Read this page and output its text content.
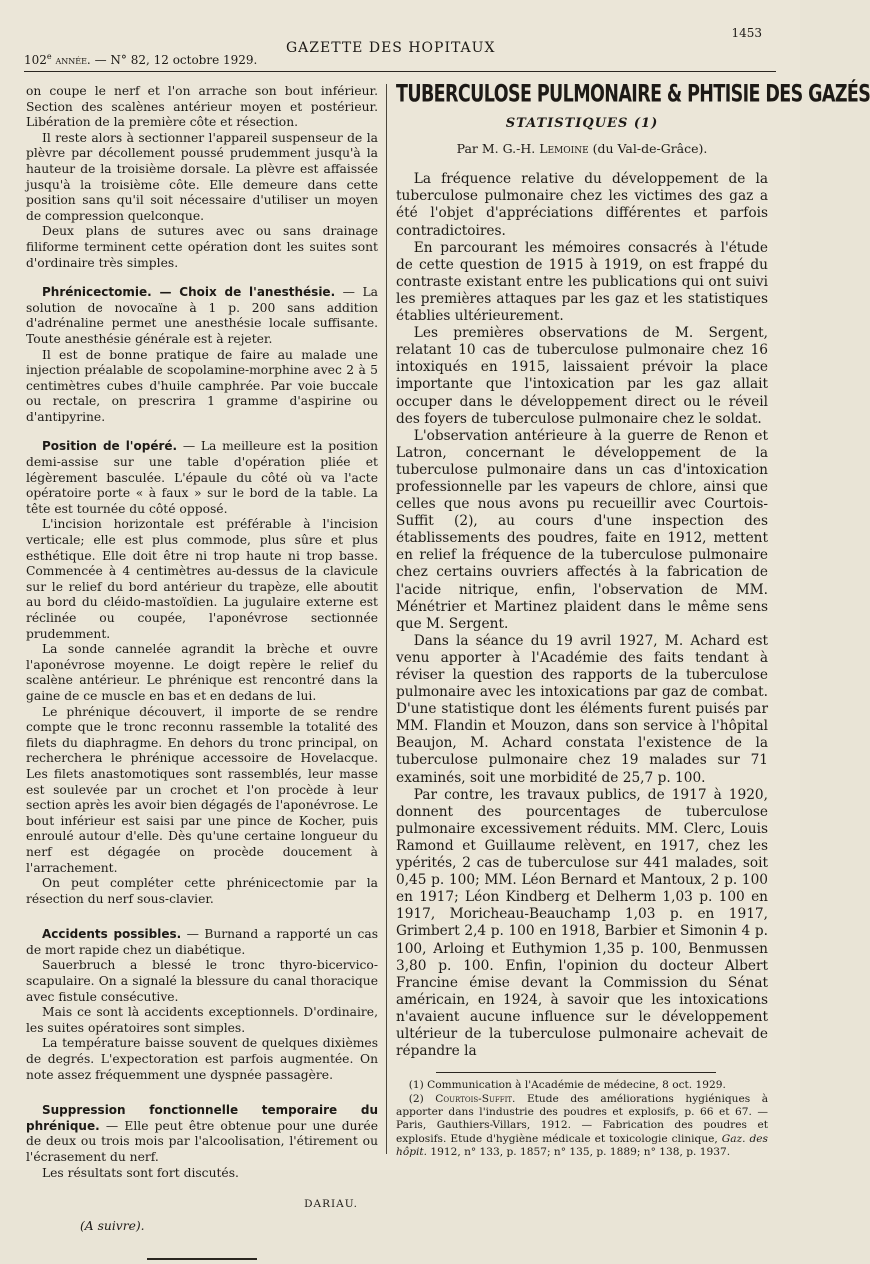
102e année. — N° 82, 12 octobre 1929.
GAZETTE DES HOPITAUX
1453

on coupe le nerf et l'on arrache son bout inférieur. Section des scalènes antérieur moyen et postérieur. Libération de la première côte et résection.

Il reste alors à sectionner l'appareil suspenseur de la plèvre par décollement poussé prudemment jusqu'à la hauteur de la troisième dorsale. La plèvre est affaissée jusqu'à la troisième côte. Elle demeure dans cette position sans qu'il soit nécessaire d'utiliser un moyen de compression quelconque.

Deux plans de sutures avec ou sans drainage filiforme terminent cette opération dont les suites sont d'ordinaire très simples.

Phrénicectomie. — Choix de l'anesthésie. — La solution de novocaïne à 1 p. 200 sans addition d'adrénaline permet une anesthésie locale suffisante. Toute anesthésie générale est à rejeter.

Il est de bonne pratique de faire au malade une injection préalable de scopolamine-morphine avec 2 à 5 centimètres cubes d'huile camphrée. Par voie buccale ou rectale, on prescrira 1 gramme d'aspirine ou d'antipyrine.

Position de l'opéré. — La meilleure est la position demi-assise sur une table d'opération pliée et légèrement basculée. L'épaule du côté où va l'acte opératoire porte « à faux » sur le bord de la table. La tête est tournée du côté opposé.

L'incision horizontale est préférable à l'incision verticale; elle est plus commode, plus sûre et plus esthétique. Elle doit être ni trop haute ni trop basse. Commencée à 4 centimètres au-dessus de la clavicule sur le relief du bord antérieur du trapèze, elle aboutit au bord du cléido-mastoïdien. La jugulaire externe est réclinée ou coupée, l'aponévrose sectionnée prudemment.

La sonde cannelée agrandit la brèche et ouvre l'aponévrose moyenne. Le doigt repère le relief du scalène antérieur. Le phrénique est rencontré dans la gaine de ce muscle en bas et en dedans de lui.

Le phrénique découvert, il importe de se rendre compte que le tronc reconnu rassemble la totalité des filets du diaphragme. En dehors du tronc principal, on recherchera le phrénique accessoire de Hovelacque. Les filets anastomotiques sont rassemblés, leur masse est soulevée par un crochet et l'on procède à leur section après les avoir bien dégagés de l'aponévrose. Le bout inférieur est saisi par une pince de Kocher, puis enroulé autour d'elle. Dès qu'une certaine longueur du nerf est dégagée on procède doucement à l'arrachement.

On peut compléter cette phrénicectomie par la résection du nerf sous-clavier.

Accidents possibles. — Burnand a rapporté un cas de mort rapide chez un diabétique.

Sauerbruch a blessé le tronc thyro-bicervico-scapulaire. On a signalé la blessure du canal thoracique avec fistule consécutive.

Mais ce sont là accidents exceptionnels. D'ordinaire, les suites opératoires sont simples.

La température baisse souvent de quelques dixièmes de degrés. L'expectoration est parfois augmentée. On note assez fréquemment une dyspnée passagère.

Suppression fonctionnelle temporaire du phrénique. — Elle peut être obtenue pour une durée de deux ou trois mois par l'alcoolisation, l'étirement ou l'écrasement du nerf.

Les résultats sont fort discutés.

DARIAU.
(A suivre).
TUBERCULOSE PULMONAIRE & PHTISIE DES GAZÉS
STATISTIQUES (1)
Par M. G.-H. Lemoine (du Val-de-Grâce).

La fréquence relative du développement de la tuberculose pulmonaire chez les victimes des gaz a été l'objet d'appréciations différentes et parfois contradictoires.

En parcourant les mémoires consacrés à l'étude de cette question de 1915 à 1919, on est frappé du contraste existant entre les publications qui ont suivi les premières attaques par les gaz et les statistiques établies ultérieurement.

Les premières observations de M. Sergent, relatant 10 cas de tuberculose pulmonaire chez 16 intoxiqués en 1915, laissaient prévoir la place importante que l'intoxication par les gaz allait occuper dans le développement direct ou le réveil des foyers de tuberculose pulmonaire chez le soldat.

L'observation antérieure à la guerre de Renon et Latron, concernant le développement de la tuberculose pulmonaire dans un cas d'intoxication professionnelle par les vapeurs de chlore, ainsi que celles que nous avons pu recueillir avec Courtois-Suffit (2), au cours d'une inspection des établissements des poudres, faite en 1912, mettent en relief la fréquence de la tuberculose pulmonaire chez certains ouvriers affectés à la fabrication de l'acide nitrique, enfin, l'observation de MM. Ménétrier et Martinez plaident dans le même sens que M. Sergent.

Dans la séance du 19 avril 1927, M. Achard est venu apporter à l'Académie des faits tendant à réviser la question des rapports de la tuberculose pulmonaire avec les intoxications par gaz de combat. D'une statistique dont les éléments furent puisés par MM. Flandin et Mouzon, dans son service à l'hôpital Beaujon, M. Achard constata l'existence de la tuberculose pulmonaire chez 19 malades sur 71 examinés, soit une morbidité de 25,7 p. 100.

Par contre, les travaux publics, de 1917 à 1920, donnent des pourcentages de tuberculose pulmonaire excessivement réduits. MM. Clerc, Louis Ramond et Guillaume relèvent, en 1917, chez les ypérités, 2 cas de tuberculose sur 441 malades, soit 0,45 p. 100; MM. Léon Bernard et Mantoux, 2 p. 100 en 1917; Léon Kindberg et Delherm 1,03 p. 100 en 1917, Moricheau-Beauchamp 1,03 p. en 1917, Grimbert 2,4 p. 100 en 1918, Barbier et Simonin 4 p. 100, Arloing et Euthymion 1,35 p. 100, Benmussen 3,80 p. 100. Enfin, l'opinion du docteur Albert Francine émise devant la Commission du Sénat américain, en 1924, à savoir que les intoxications n'avaient aucune influence sur le développement ultérieur de la tuberculose pulmonaire achevait de répandre la

(1) Communication à l'Académie de médecine, 8 oct. 1929.

(2) Courtois-Suffit. Etude des améliorations hygiéniques à apporter dans l'industrie des poudres et explosifs, p. 66 et 67. — Paris, Gauthiers-Villars, 1912. — Fabrication des poudres et explosifs. Etude d'hygiène médicale et toxicologie clinique, Gaz. des hôpit. 1912, n° 133, p. 1857; n° 135, p. 1889; n° 138, p. 1937.
